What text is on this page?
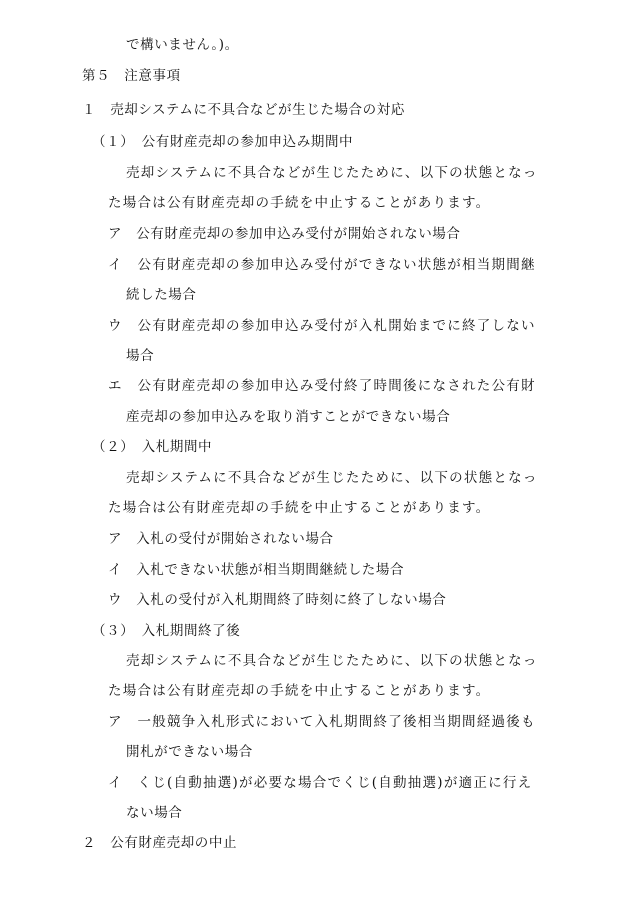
で構いません。)。
第５　注意事項
１　売却システムに不具合などが生じた場合の対応
（１）　公有財産売却の参加申込み期間中
売却システムに不具合などが生じたために、以下の状態となっ
た場合は公有財産売却の手続を中止することがあります。
ア　公有財産売却の参加申込み受付が開始されない場合
イ　公有財産売却の参加申込み受付ができない状態が相当期間継
続した場合
ウ　公有財産売却の参加申込み受付が入札開始までに終了しない
場合
エ　公有財産売却の参加申込み受付終了時間後になされた公有財
産売却の参加申込みを取り消すことができない場合
（２）　入札期間中
売却システムに不具合などが生じたために、以下の状態となっ
た場合は公有財産売却の手続を中止することがあります。
ア　入札の受付が開始されない場合
イ　入札できない状態が相当期間継続した場合
ウ　入札の受付が入札期間終了時刻に終了しない場合
（３）　入札期間終了後
売却システムに不具合などが生じたために、以下の状態となっ
た場合は公有財産売却の手続を中止することがあります。
ア　一般競争入札形式において入札期間終了後相当期間経過後も
開札ができない場合
イ　くじ(自動抽選)が必要な場合でくじ(自動抽選)が適正に行え
ない場合
２　公有財産売却の中止
